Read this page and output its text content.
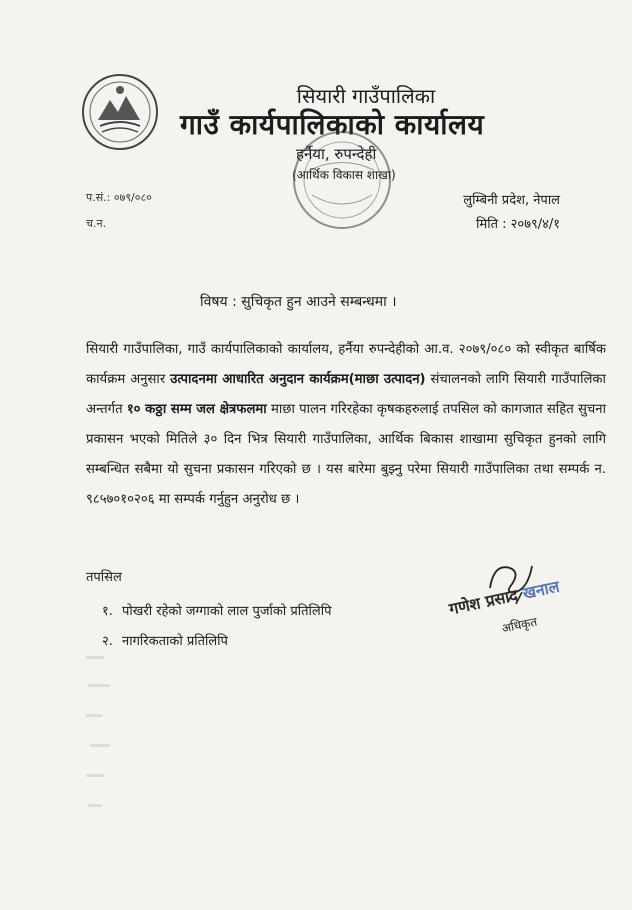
सियारी गाउँपालिका
गाउँ कार्यपालिकाको कार्यालय
हर्नैया, रुपन्देही
(आर्थिक विकास शाखा)
प.सं.: ०७९/०८०
च.न.
लुम्बिनी प्रदेश, नेपाल
मिति : २०७९/४/१
विषय : सुचिकृत हुन आउने सम्बन्धमा ।
सियारी गाउँपालिका, गाउँ कार्यपालिकाको कार्यालय, हर्नैया रुपन्देहीको आ.व. २०७९/०८० को स्वीकृत बार्षिक कार्यक्रम अनुसार उत्पादनमा आधारित अनुदान कार्यक्रम(माछा उत्पादन) संचालनको लागि सियारी गाउँपालिका अन्तर्गत १० कठ्ठा सम्म जल क्षेत्रफलमा माछा पालन गरिरहेका कृषकहरुलाई तपसिल को कागजात सहित सुचना प्रकासन भएको मितिले ३० दिन भित्र सियारी गाउँपालिका, आर्थिक बिकास शाखामा सुचिकृत हुनको लागि सम्बन्धित सबैमा यो सुचना प्रकासन गरिएको छ । यस बारेमा बुझ्नु परेमा सियारी गाउँपालिका तथा सम्पर्क न. ९८५७०१०२०६ मा सम्पर्क गर्नुहुन अनुरोध छ ।
तपसिल
१. पोखरी रहेको जग्गाको लाल पुर्जाको प्रतिलिपि
२. नागरिकताको प्रतिलिपि
गणेश प्रसाद खनाल
अधिकृत
